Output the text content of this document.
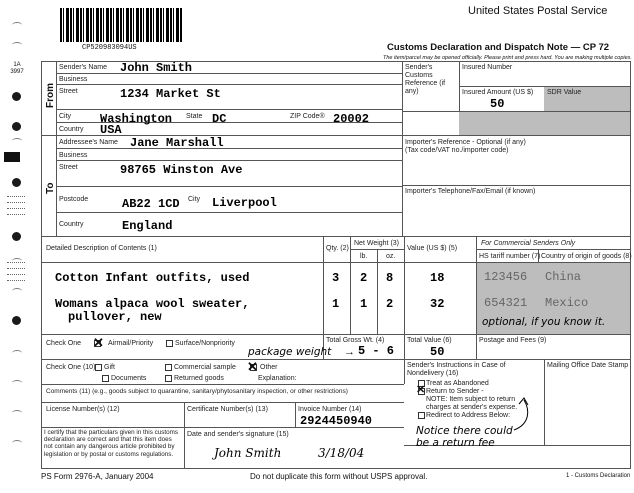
CP520983094US
1A
3997
United States Postal Service
Customs Declaration and Dispatch Note — CP 72
The item/parcel may be opened officially. Please print and press hard. You are making multiple copies.
From
Sender's Name John Smith
Business
Street	1234 Market St
City Washington State DC	ZIP Code® 20002
Country USA
Sender's Customs Reference (if any)
Insured Number
Insured Amount (US $)
50
SDR Value
To
Addressee's Name Jane Marshall
Business
Street	98765 Winston Ave
Postcode	AB22 1CD City Liverpool
Country	England
Importer's Reference - Optional (if any)
(Tax code/VAT no./importer code)
Importer's Telephone/Fax/Email (if known)
Detailed Description of Contents (1)	Qty. (2)
Net Weight (3)
lb.	oz.
Value (US $) (5)
For Commercial Senders Only
HS tariff number (7) Country of origin of goods (8)
Cotton Infant outfits, used	3 2 8	18	123456 China
Womans alpaca wool sweater,
pullover, new
1 1 2	32	654321 Mexico
optional, if you know it.
Check One ✕ Airmail/Priority	Surface/Nonpriority	Total Gross Wt. (4)
package weight → 5 - 6
Total Value (6)
50
Postage and Fees (9)
Check One (10) Gift	Commercial sample ✕ Other
Documents	Returned goods	Explanation:
Comments (11) (e.g., goods subject to quarantine, sanitary/phytosanitary inspection, or other restrictions)
Sender's Instructions in Case of Nondelivery (16)
Treat as Abandoned
✕ Return to Sender -
NOTE: Item subject to return charges at sender's expense.
Redirect to Address Below:
Notice there could
be a return fee
Mailing Office Date Stamp
License Number(s) (12)	Certificate Number(s) (13)	Invoice Number (14)
2924450940
I certify that the particulars given in this customs declaration are correct and that this item does not contain any dangerous article prohibited by legislation or by postal or customs regulations.
Date and sender's signature (15)
John Smith	3/18/04
PS Form 2976-A, January 2004	Do not duplicate this form without USPS approval.	1 - Customs Declaration
